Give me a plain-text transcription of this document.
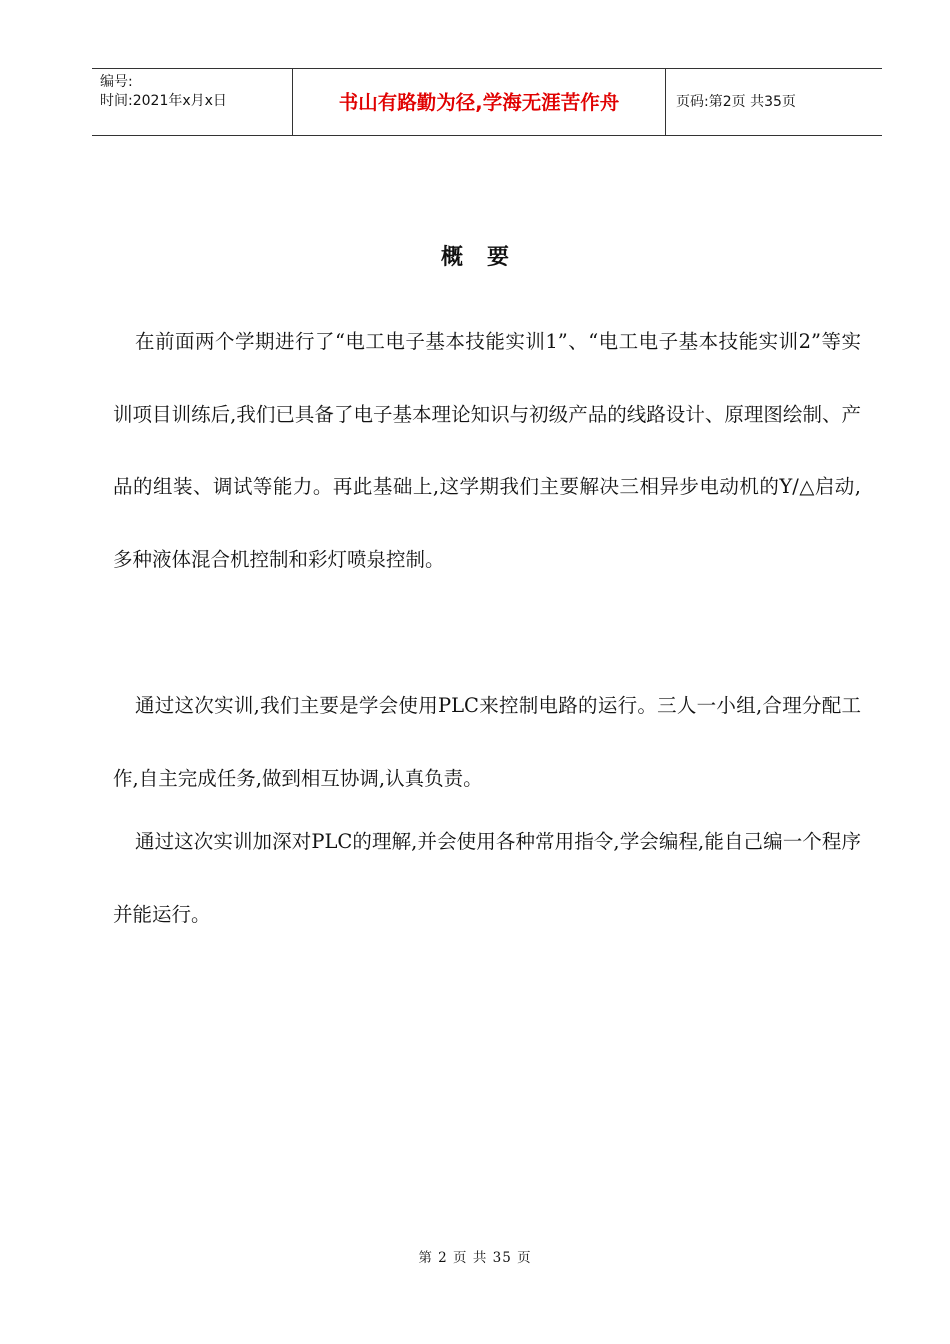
编号:
时间:2021年x月x日	书山有路勤为径,学海无涯苦作舟	页码:第2页 共35页
概要

在前面两个学期进行了“电工电子基本技能实训1”、“电工电子基本技能实训2”等实训项目训练后,我们已具备了电子基本理论知识与初级产品的线路设计、原理图绘制、产品的组装、调试等能力。再此基础上,这学期我们主要解决三相异步电动机的Y/△启动,多种液体混合机控制和彩灯喷泉控制。

通过这次实训,我们主要是学会使用PLC来控制电路的运行。三人一小组,合理分配工作,自主完成任务,做到相互协调,认真负责。

通过这次实训加深对PLC的理解,并会使用各种常用指令,学会编程,能自己编一个程序并能运行。

第 2 页 共 35 页
